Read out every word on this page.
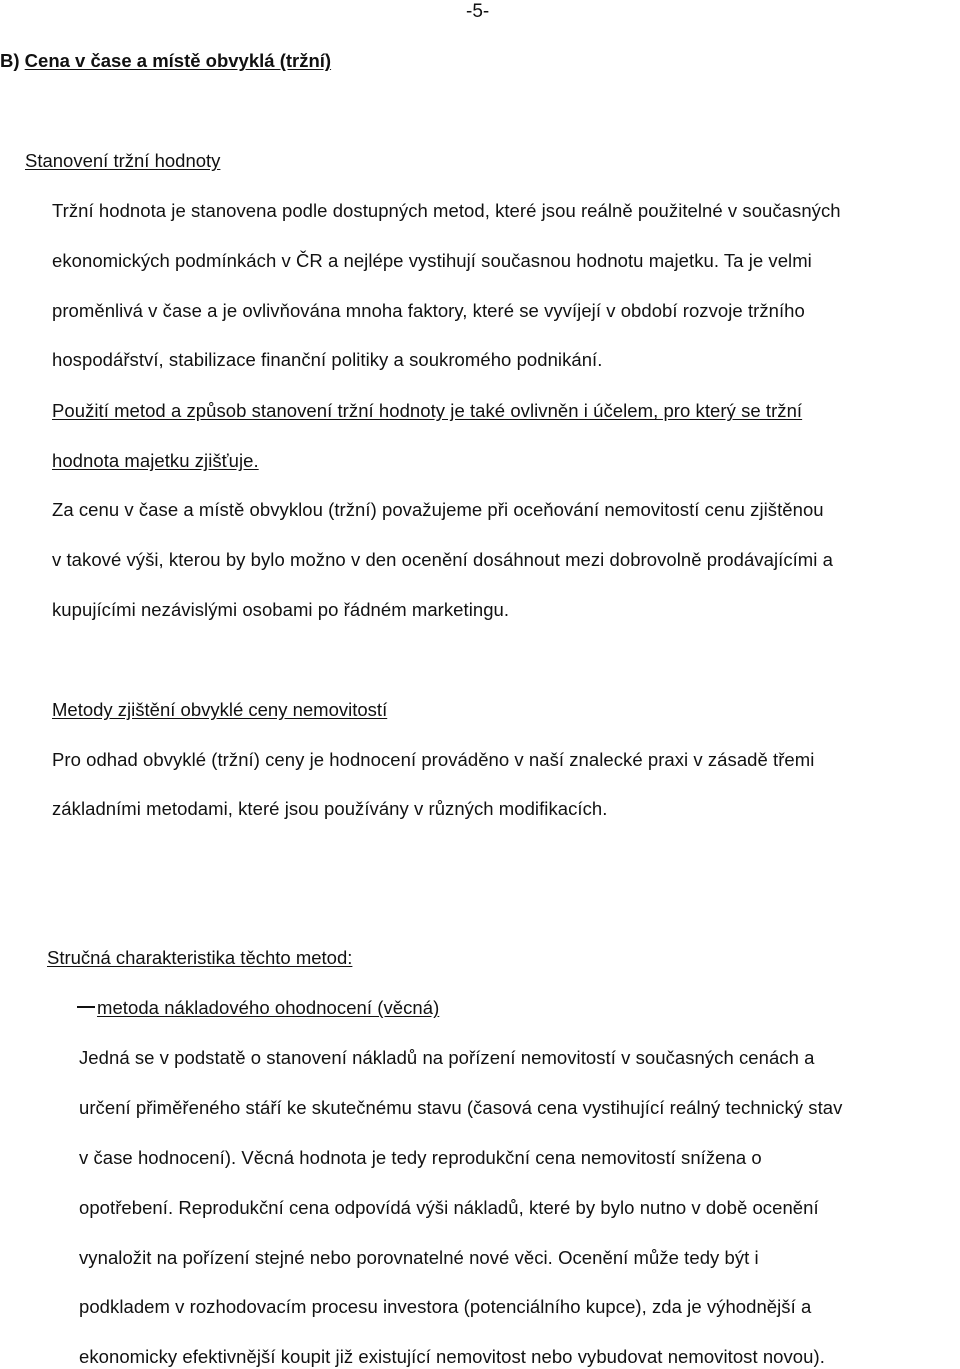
-5-
B) Cena v čase a místě obvyklá (tržní)
Stanovení tržní hodnoty
Tržní hodnota je stanovena podle dostupných metod, které jsou reálně použitelné v současných
ekonomických podmínkách v ČR a nejlépe vystihují současnou hodnotu majetku. Ta je velmi
proměnlivá v čase a je ovlivňována mnoha faktory, které se vyvíjejí v období rozvoje tržního
hospodářství, stabilizace finanční politiky a soukromého podnikání.
Použití metod a způsob stanovení tržní hodnoty je také ovlivněn i účelem, pro který se tržní
hodnota majetku zjišťuje.
Za cenu v čase a místě obvyklou (tržní) považujeme při oceňování nemovitostí cenu zjištěnou
v takové výši, kterou by bylo možno v den ocenění dosáhnout mezi dobrovolně prodávajícími a
kupujícími nezávislými osobami po řádném marketingu.
Metody zjištění obvyklé ceny nemovitostí
Pro odhad obvyklé (tržní) ceny je hodnocení prováděno v naší znalecké praxi v zásadě třemi
základními metodami, které jsou používány v různých modifikacích.
Stručná charakteristika těchto metod:
metoda nákladového ohodnocení (věcná)
Jedná se v podstatě o stanovení nákladů na pořízení nemovitostí v současných cenách a
určení přiměřeného stáří ke skutečnému stavu (časová cena vystihující reálný technický stav
v čase hodnocení). Věcná hodnota je tedy reprodukční cena nemovitostí snížena o
opotřebení. Reprodukční cena odpovídá výši nákladů, které by bylo nutno v době ocenění
vynaložit na pořízení stejné nebo porovnatelné nové věci. Ocenění může tedy být i
podkladem v rozhodovacím procesu investora (potenciálního kupce), zda je výhodnější a
ekonomicky efektivnější koupit již existující nemovitost nebo vybudovat nemovitost novou).
